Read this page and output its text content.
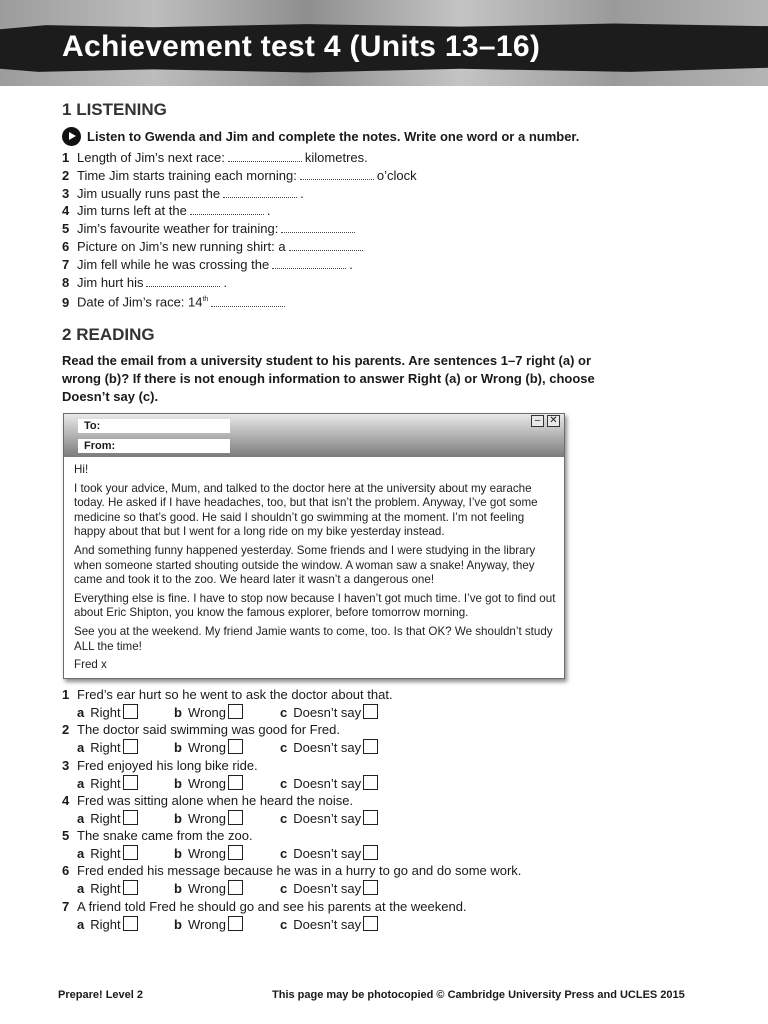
Achievement test 4 (Units 13–16)
1 LISTENING
Listen to Gwenda and Jim and complete the notes. Write one word or a number.
1 Length of Jim’s next race:	kilometres.
2 Time Jim starts training each morning:	o’clock
3 Jim usually runs past the	.
4 Jim turns left at the	.
5 Jim’s favourite weather for training:
6 Picture on Jim’s new running shirt: a
7 Jim fell while he was crossing the	.
8 Jim hurt his	.
9 Date of Jim’s race: 14th
2 READING

Read the email from a university student to his parents. Are sentences 1–7 right (a) or wrong (b)? If there is not enough information to answer Right (a) or Wrong (b), choose Doesn’t say (c).

To:
From:
– ✕

Hi!

I took your advice, Mum, and talked to the doctor here at the university about my earache today. He asked if I have headaches, too, but that isn’t the problem. Anyway, I’ve got some medicine so that’s good. He said I shouldn’t go swimming at the moment. I’m not feeling happy about that but I went for a long ride on my bike yesterday instead.

And something funny happened yesterday. Some friends and I were studying in the library when someone started shouting outside the window. A woman saw a snake! Anyway, they came and took it to the zoo. We heard later it wasn’t a dangerous one!

Everything else is fine. I have to stop now because I haven’t got much time. I’ve got to find out about Eric Shipton, you know the famous explorer, before tomorrow morning.

See you at the weekend. My friend Jamie wants to come, too. Is that OK? We shouldn’t study ALL the time!

Fred x

1 Fred’s ear hurt so he went to ask the doctor about that.
a Right	b Wrong	c Doesn’t say
2 The doctor said swimming was good for Fred.
a Right	b Wrong	c Doesn’t say
3 Fred enjoyed his long bike ride.
a Right	b Wrong	c Doesn’t say
4 Fred was sitting alone when he heard the noise.
a Right	b Wrong	c Doesn’t say
5 The snake came from the zoo.
a Right	b Wrong	c Doesn’t say
6 Fred ended his message because he was in a hurry to go and do some work.
a Right	b Wrong	c Doesn’t say
7 A friend told Fred he should go and see his parents at the weekend.
a Right	b Wrong	c Doesn’t say

Prepare! Level 2	This page may be photocopied © Cambridge University Press and UCLES 2015
